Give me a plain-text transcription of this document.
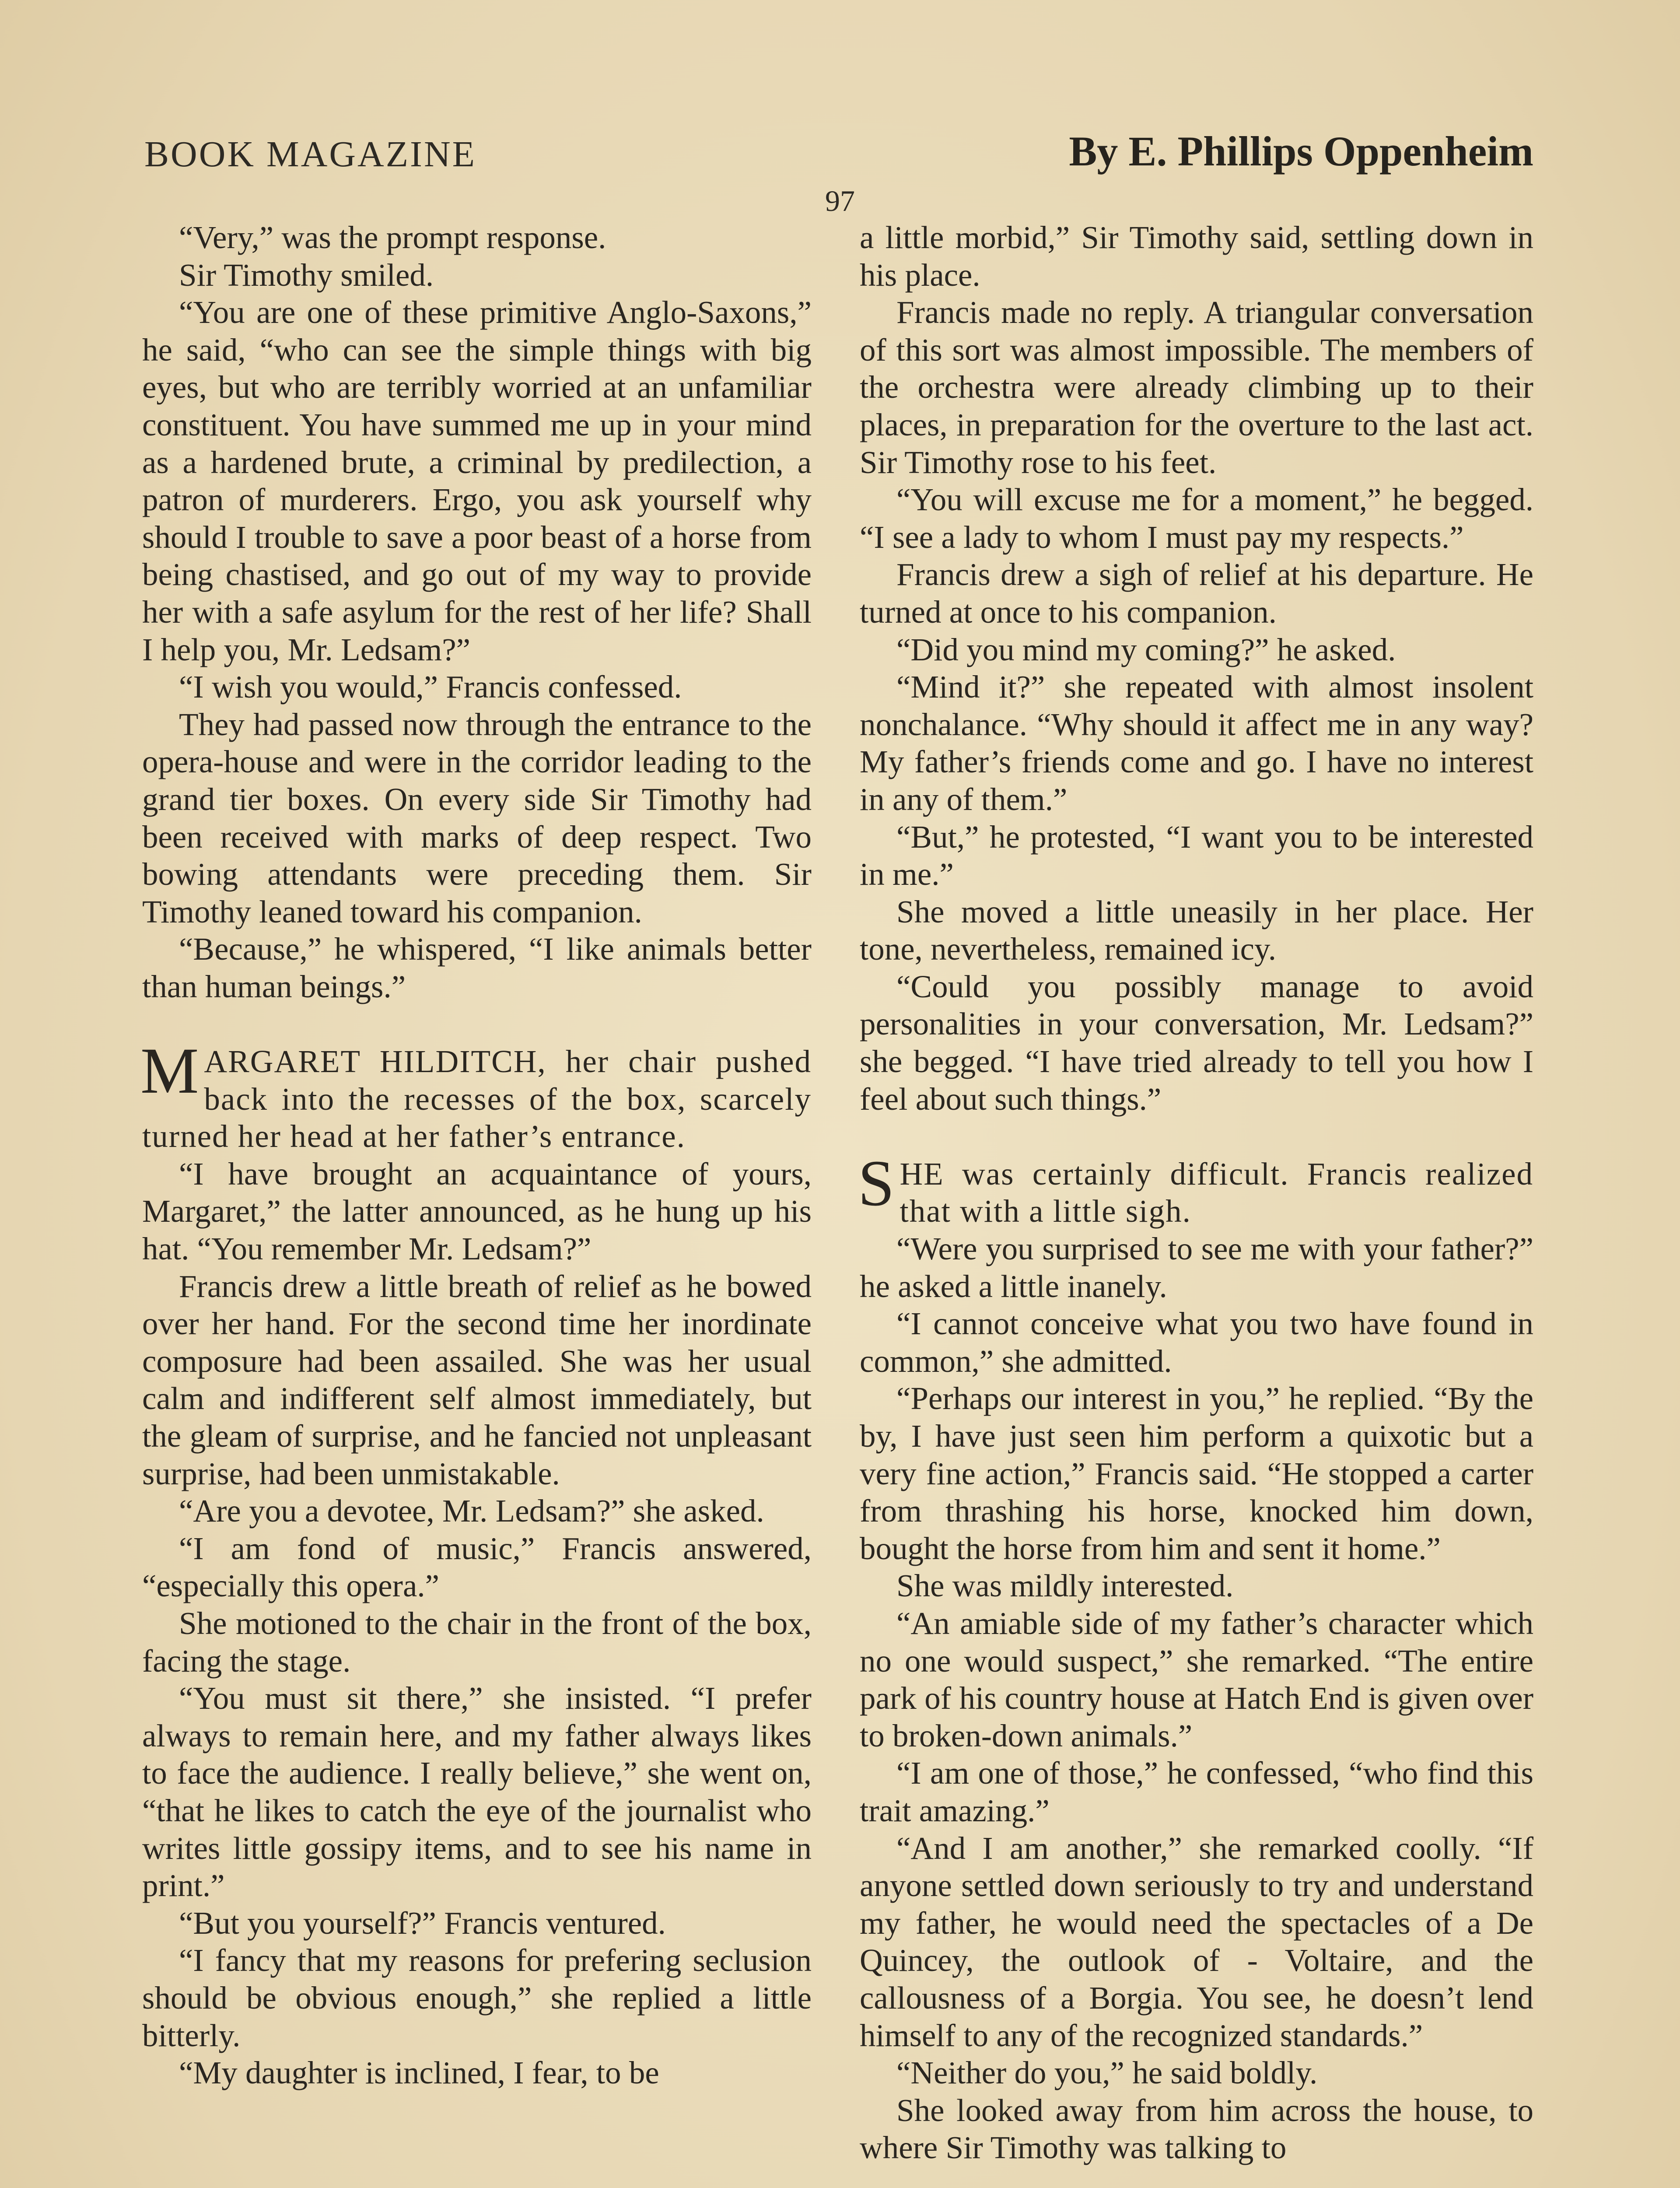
BOOK MAGAZINE	By E. Phillips Oppenheim
97

“Very,” was the prompt response.

Sir Timothy smiled.

“You are one of these primitive Anglo-Saxons,” he said, “who can see the simple things with big eyes, but who are terribly worried at an unfamiliar constituent. You have summed me up in your mind as a hardened brute, a criminal by predilection, a patron of murderers. Ergo, you ask yourself why should I trouble to save a poor beast of a horse from being chastised, and go out of my way to provide her with a safe asylum for the rest of her life? Shall I help you, Mr. Ledsam?”

“I wish you would,” Francis confessed.

They had passed now through the entrance to the opera-house and were in the corridor leading to the grand tier boxes. On every side Sir Timothy had been received with marks of deep respect. Two bowing attendants were preceding them. Sir Timothy leaned toward his companion.

“Because,” he whispered, “I like animals better than human beings.”

MARGARET HILDITCH, her chair pushed back into the recesses of the box, scarcely turned her head at her father’s entrance.

“I have brought an acquaintance of yours, Margaret,” the latter announced, as he hung up his hat. “You remember Mr. Ledsam?”

Francis drew a little breath of relief as he bowed over her hand. For the second time her inordinate composure had been assailed. She was her usual calm and indifferent self almost immediately, but the gleam of surprise, and he fancied not unpleasant surprise, had been unmistakable.

“Are you a devotee, Mr. Ledsam?” she asked.

“I am fond of music,” Francis answered, “especially this opera.”

She motioned to the chair in the front of the box, facing the stage.

“You must sit there,” she insisted. “I prefer always to remain here, and my father always likes to face the audience. I really believe,” she went on, “that he likes to catch the eye of the journalist who writes little gossipy items, and to see his name in print.”

“But you yourself?” Francis ventured.

“I fancy that my reasons for prefering seclusion should be obvious enough,” she replied a little bitterly.

“My daughter is inclined, I fear, to be

a little morbid,” Sir Timothy said, settling down in his place.

Francis made no reply. A triangular conversation of this sort was almost impossible. The members of the orchestra were already climbing up to their places, in preparation for the overture to the last act. Sir Timothy rose to his feet.

“You will excuse me for a moment,” he begged. “I see a lady to whom I must pay my respects.”

Francis drew a sigh of relief at his departure. He turned at once to his companion.

“Did you mind my coming?” he asked.

“Mind it?” she repeated with almost insolent nonchalance. “Why should it affect me in any way? My father’s friends come and go. I have no interest in any of them.”

“But,” he protested, “I want you to be interested in me.”

She moved a little uneasily in her place. Her tone, nevertheless, remained icy.

“Could you possibly manage to avoid personalities in your conversation, Mr. Ledsam?” she begged. “I have tried already to tell you how I feel about such things.”

SHE was certainly difficult. Francis realized that with a little sigh.

“Were you surprised to see me with your father?” he asked a little inanely.

“I cannot conceive what you two have found in common,” she admitted.

“Perhaps our interest in you,” he replied. “By the by, I have just seen him perform a quixotic but a very fine action,” Francis said. “He stopped a carter from thrashing his horse, knocked him down, bought the horse from him and sent it home.”

She was mildly interested.

“An amiable side of my father’s character which no one would suspect,” she remarked. “The entire park of his country house at Hatch End is given over to broken-down animals.”

“I am one of those,” he confessed, “who find this trait amazing.”

“And I am another,” she remarked coolly. “If anyone settled down seriously to try and understand my father, he would need the spectacles of a De Quincey, the outlook of - Voltaire, and the callousness of a Borgia. You see, he doesn’t lend himself to any of the recognized standards.”

“Neither do you,” he said boldly.

She looked away from him across the house, to where Sir Timothy was talking to
